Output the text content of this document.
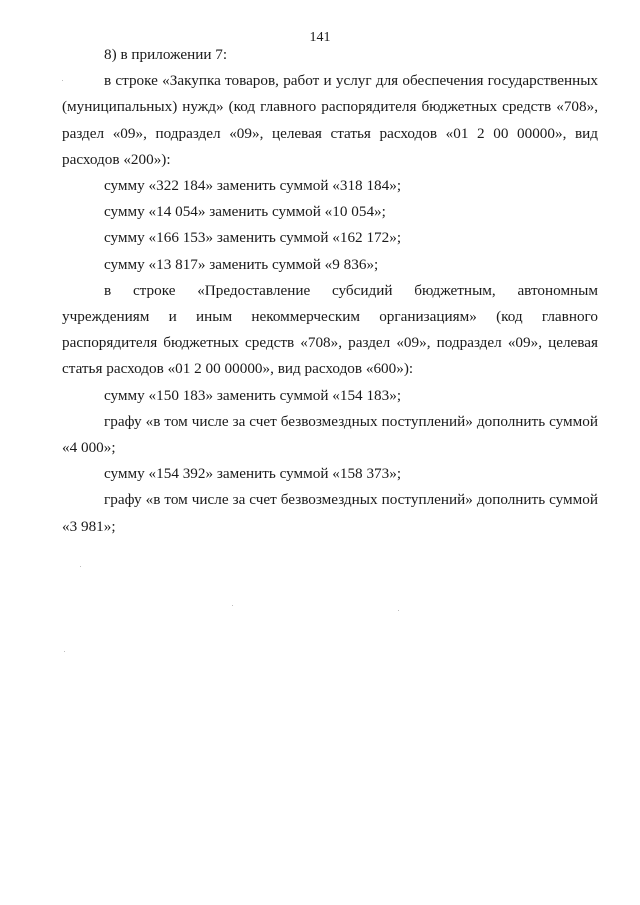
141

8) в приложении 7:

в строке «Закупка товаров, работ и услуг для обеспечения государственных (муниципальных) нужд» (код главного распорядителя бюджетных средств «708», раздел «09», подраздел «09», целевая статья расходов «01 2 00 00000», вид расходов «200»):

сумму «322 184» заменить суммой «318 184»;

сумму «14 054» заменить суммой «10 054»;

сумму «166 153» заменить суммой «162 172»;

сумму «13 817» заменить суммой «9 836»;

в строке «Предоставление субсидий бюджетным, автономным учреждениям и иным некоммерческим организациям» (код главного распорядителя бюджетных средств «708», раздел «09», подраздел «09», целевая статья расходов «01 2 00 00000», вид расходов «600»):

сумму «150 183» заменить суммой «154 183»;

графу «в том числе за счет безвозмездных поступлений» дополнить суммой «4 000»;

сумму «154 392» заменить суммой «158 373»;

графу «в том числе за счет безвозмездных поступлений» дополнить суммой «3 981»;
